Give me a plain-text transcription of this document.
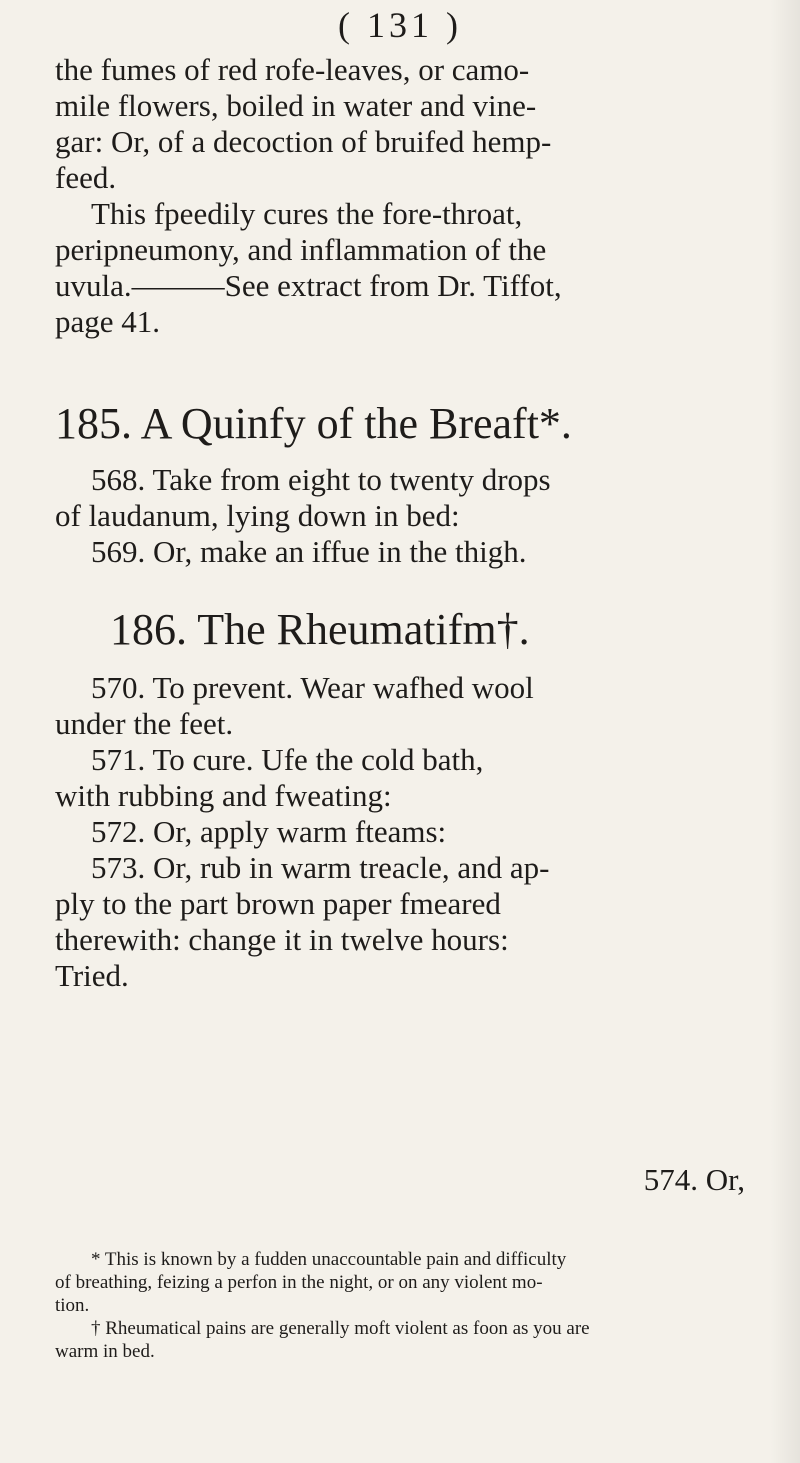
( 131 )
the fumes of red rofe-leaves, or camo-
mile flowers, boiled in water and vine-
gar: Or, of a decoction of bruifed hemp-
feed.
This fpeedily cures the fore-throat,
peripneumony, and inflammation of the
uvula.———See extract from Dr. Tiffot,
page 41.
185. A Quinfy of the Breaft*.
568. Take from eight to twenty drops
of laudanum, lying down in bed:
569. Or, make an iffue in the thigh.
186. The Rheumatifm†.
570. To prevent. Wear wafhed wool
under the feet.
571. To cure. Ufe the cold bath,
with rubbing and fweating:
572. Or, apply warm fteams:
573. Or, rub in warm treacle, and ap-
ply to the part brown paper fmeared
therewith: change it in twelve hours:
Tried.
574. Or,
* This is known by a fudden unaccountable pain and difficulty
of breathing, feizing a perfon in the night, or on any violent mo-
tion.
† Rheumatical pains are generally moft violent as foon as you are
warm in bed.
